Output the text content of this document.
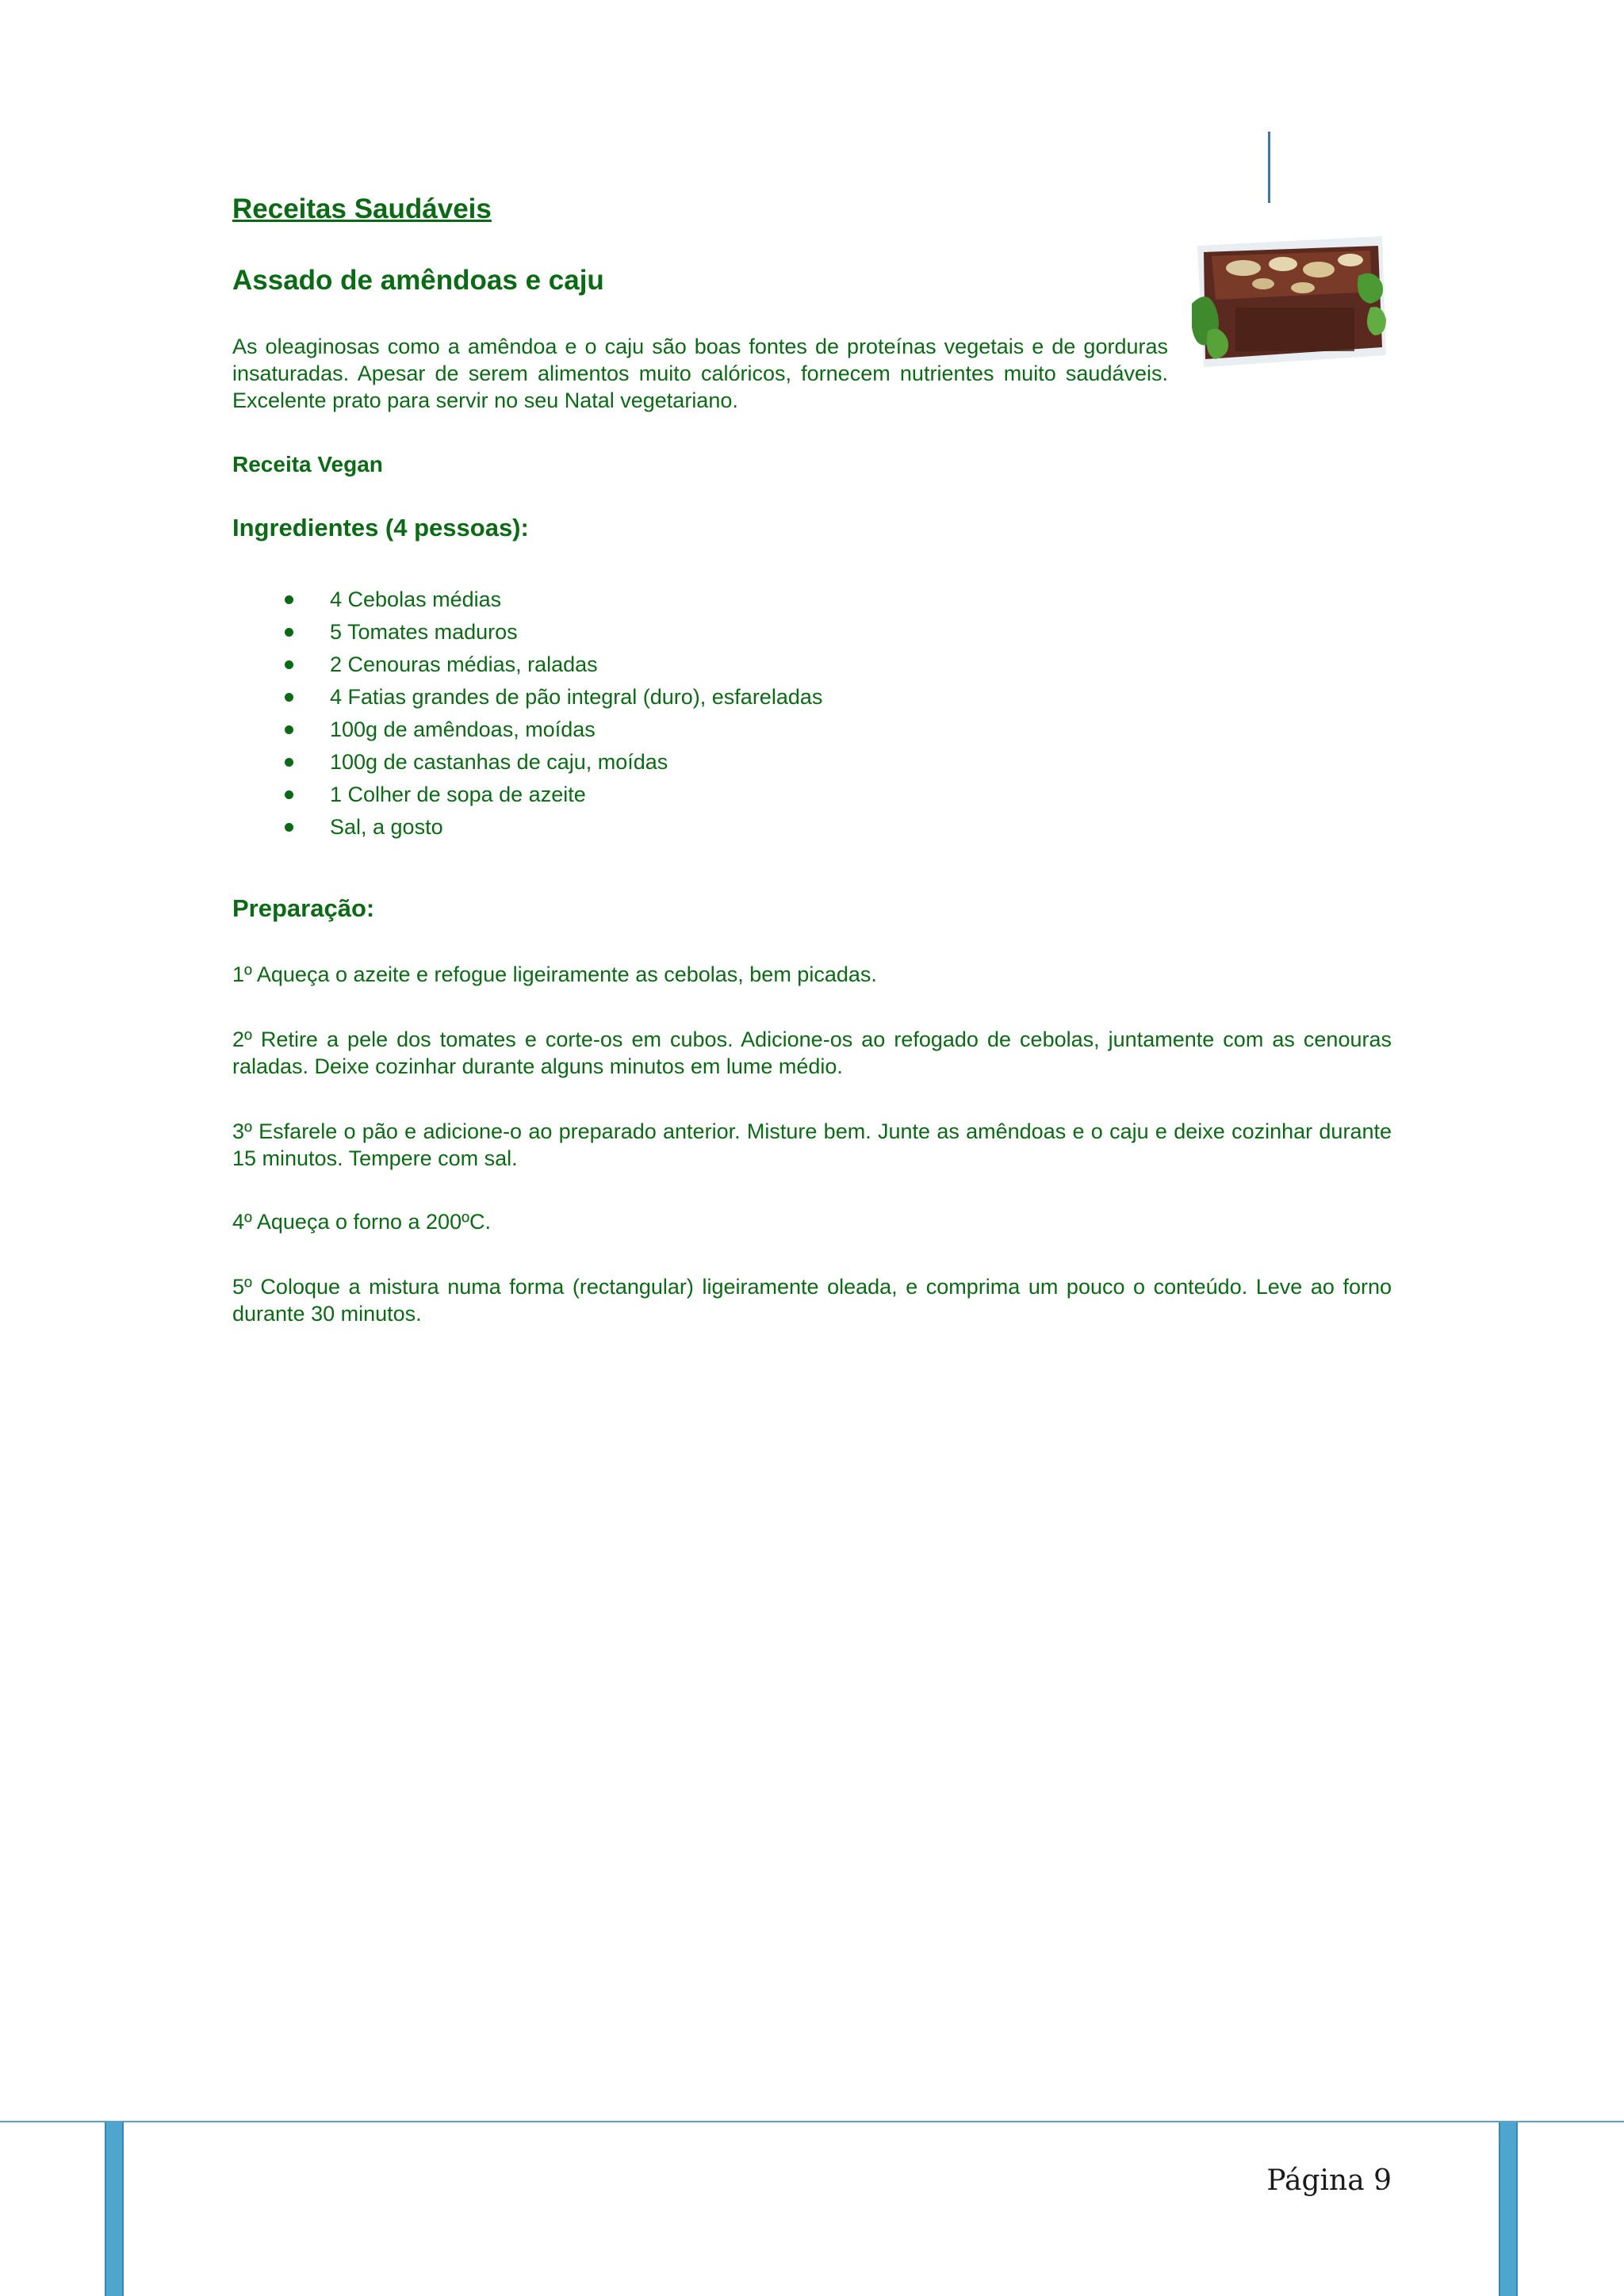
Receitas Saudáveis
Assado de amêndoas e caju

As oleaginosas como a amêndoa e o caju são boas fontes de proteínas vegetais e de gorduras insaturadas. Apesar de serem alimentos muito calóricos, fornecem nutrientes muito saudáveis. Excelente prato para servir no seu Natal vegetariano.

Receita Vegan
Ingredientes (4 pessoas):
4 Cebolas médias
5 Tomates maduros
2 Cenouras médias, raladas
4 Fatias grandes de pão integral (duro), esfareladas
100g de amêndoas, moídas
100g de castanhas de caju, moídas
1 Colher de sopa de azeite
Sal, a gosto
Preparação:

1º Aqueça o azeite e refogue ligeiramente as cebolas, bem picadas.

2º Retire a pele dos tomates e corte-os em cubos. Adicione-os ao refogado de cebolas, juntamente com as cenouras raladas. Deixe cozinhar durante alguns minutos em lume médio.

3º Esfarele o pão e adicione-o ao preparado anterior. Misture bem. Junte as amêndoas e o caju e deixe cozinhar durante 15 minutos. Tempere com sal.

4º Aqueça o forno a 200ºC.

5º Coloque a mistura numa forma (rectangular) ligeiramente oleada, e comprima um pouco o conteúdo. Leve ao forno durante 30 minutos.

Página 9
